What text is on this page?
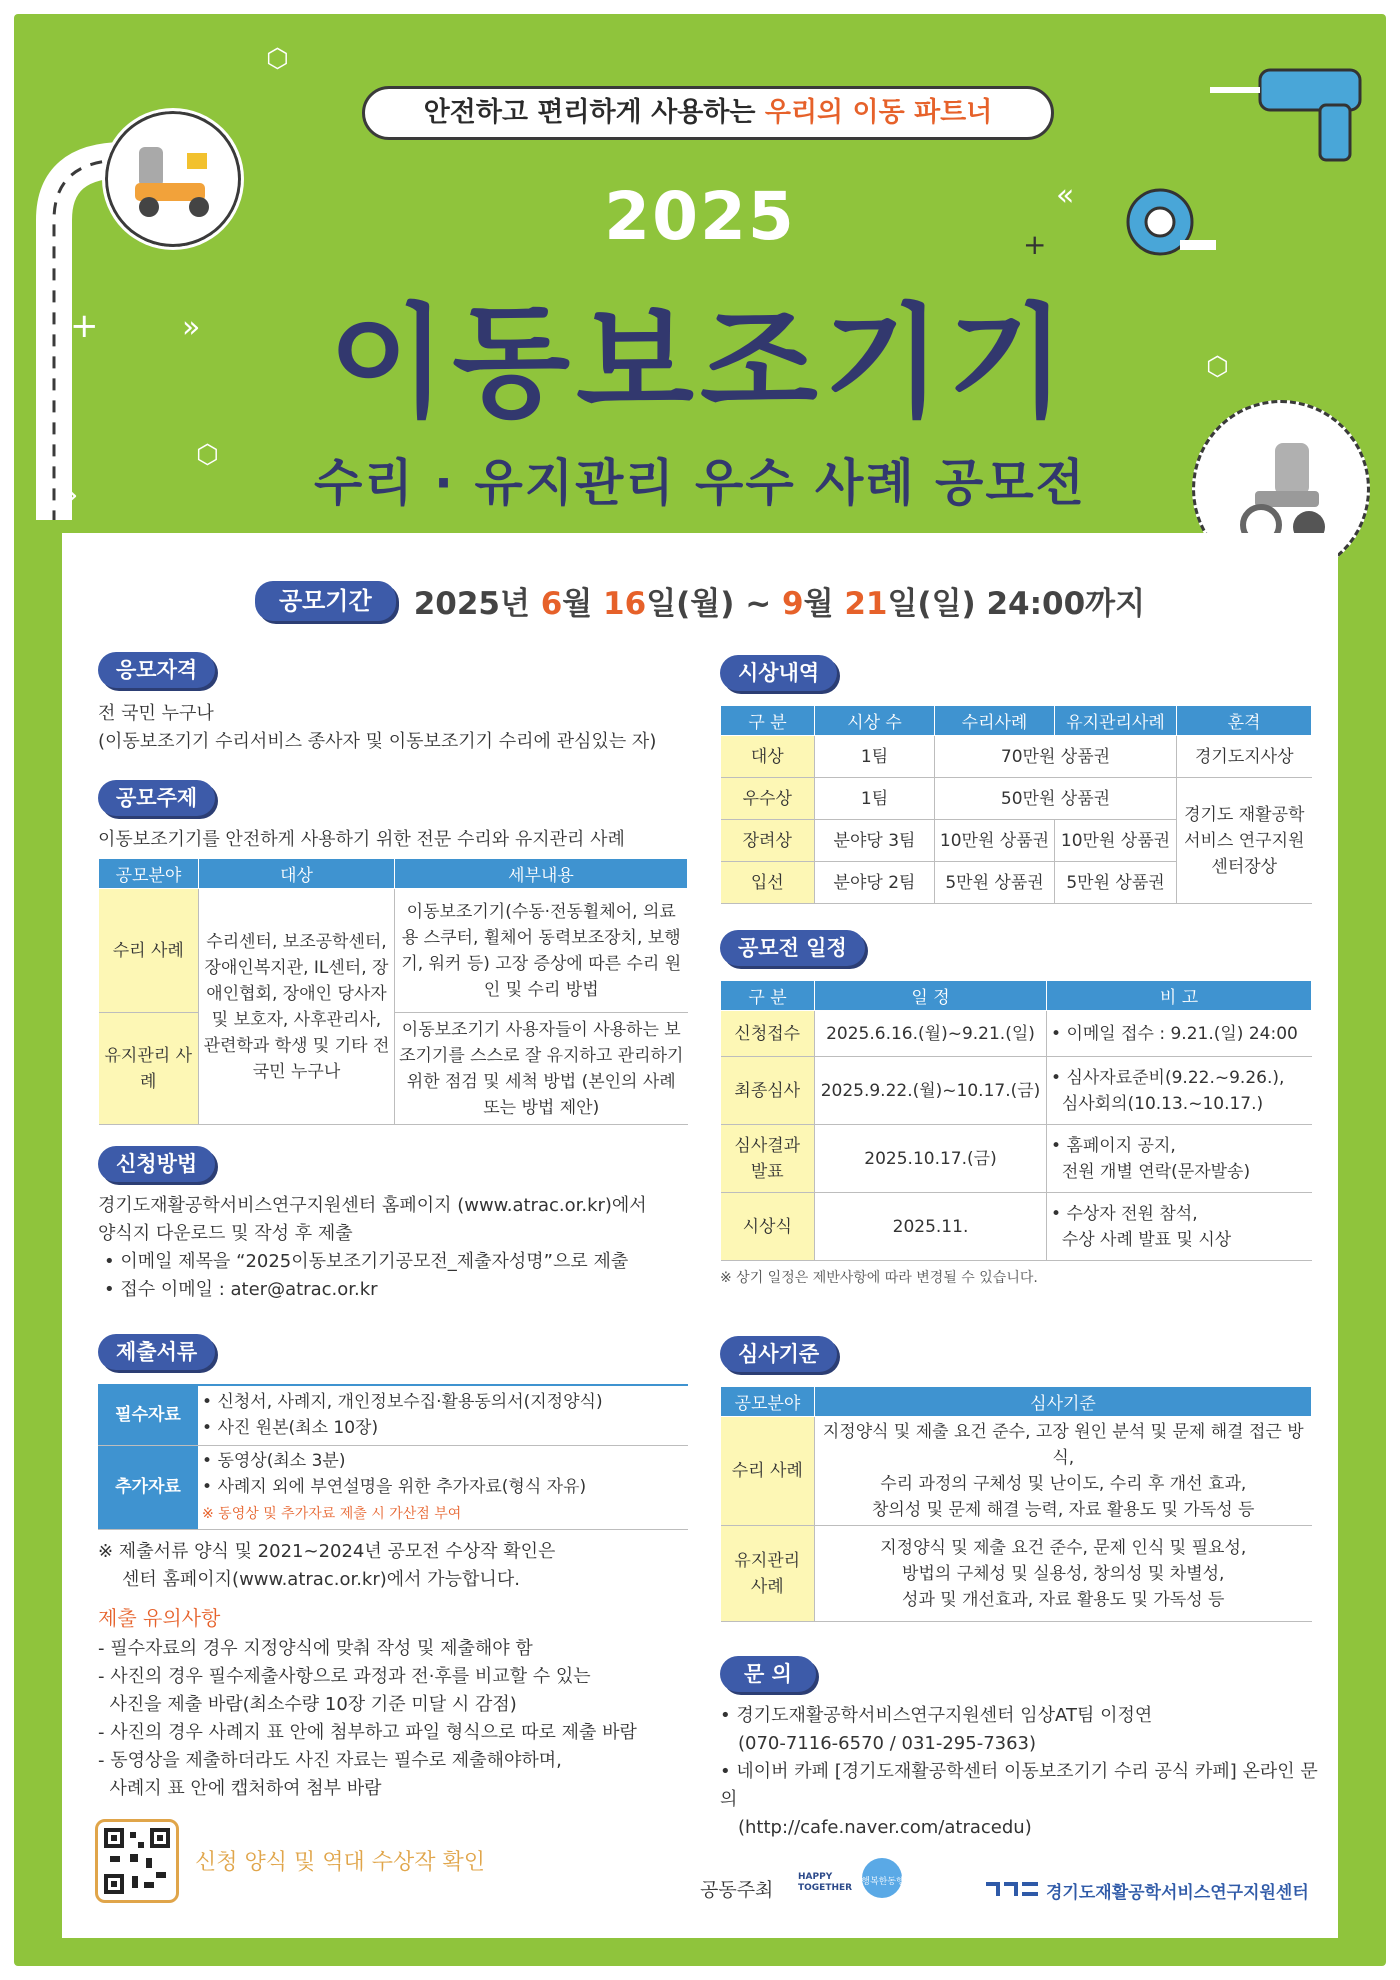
+
+
»
»
«
⬡
⬡
⬡
안전하고 편리하게 사용하는 우리의 이동 파트너
2025
이동보조기기
수리 · 유지관리 우수 사례 공모전
공모기간 2025년 6월 16일(월) ~ 9월 21일(일) 24:00까지
응모자격
전 국민 누구나
(이동보조기기 수리서비스 종사자 및 이동보조기기 수리에 관심있는 자)
공모주제
이동보조기기를 안전하게 사용하기 위한 전문 수리와 유지관리 사례
공모분야	대상	세부내용
수리 사례	수리센터, 보조공학센터, 장애인복지관, IL센터, 장애인협회, 장애인 당사자 및 보호자, 사후관리사, 관련학과 학생 및 기타 전 국민 누구나	이동보조기기(수동·전동휠체어, 의료용 스쿠터, 휠체어 동력보조장치, 보행기, 워커 등) 고장 증상에 따른 수리 원인 및 수리 방법
유지관리 사례		이동보조기기 사용자들이 사용하는 보조기기를 스스로 잘 유지하고 관리하기 위한 점검 및 세척 방법 (본인의 사례 또는 방법 제안)
신청방법
경기도재활공학서비스연구지원센터 홈페이지 (www.atrac.or.kr)에서
양식지 다운로드 및 작성 후 제출
• 이메일 제목을 “2025이동보조기기공모전_제출자성명”으로 제출
• 접수 이메일 : ater@atrac.or.kr
제출서류
필수자료	• 신청서, 사례지, 개인정보수집·활용동의서(지정양식)
• 사진 원본(최소 10장)
추가자료	• 동영상(최소 3분)
• 사례지 외에 부연설명을 위한 추가자료(형식 자유)
※ 동영상 및 추가자료 제출 시 가산점 부여
※ 제출서류 양식 및 2021~2024년 공모전 수상작 확인은
센터 홈페이지(www.atrac.or.kr)에서 가능합니다.
제출 유의사항
- 필수자료의 경우 지정양식에 맞춰 작성 및 제출해야 함
- 사진의 경우 필수제출사항으로 과정과 전·후를 비교할 수 있는
사진을 제출 바람(최소수량 10장 기준 미달 시 감점)
- 사진의 경우 사례지 표 안에 첨부하고 파일 형식으로 따로 제출 바람
- 동영상을 제출하더라도 사진 자료는 필수로 제출해야하며,
사례지 표 안에 캡처하여 첨부 바람
신청 양식 및 역대 수상작 확인
시상내역
구 분	시상 수	수리사례	유지관리사례	훈격
대상	1팀	70만원 상품권		경기도지사상
우수상	1팀	50만원 상품권		경기도 재활공학서비스 연구지원센터장상
장려상	분야당 3팀	10만원 상품권	10만원 상품권	
입선	분야당 2팀	5만원 상품권	5만원 상품권	
공모전 일정
구 분	일 정	비 고
신청접수	2025.6.16.(월)~9.21.(일)	• 이메일 접수 : 9.21.(일) 24:00
최종심사	2025.9.22.(월)~10.17.(금)	• 심사자료준비(9.22.~9.26.),
심사회의(10.13.~10.17.)
심사결과 발표	2025.10.17.(금)	• 홈페이지 공지,
전원 개별 연락(문자발송)
시상식	2025.11.	• 수상자 전원 참석,
수상 사례 발표 및 시상
※ 상기 일정은 제반사항에 따라 변경될 수 있습니다.
심사기준
공모분야	심사기준
수리 사례	지정양식 및 제출 요건 준수, 고장 원인 분석 및 문제 해결 접근 방식,
수리 과정의 구체성 및 난이도, 수리 후 개선 효과,
창의성 및 문제 해결 능력, 자료 활용도 및 가독성 등
유지관리 사례	지정양식 및 제출 요건 준수, 문제 인식 및 필요성,
방법의 구체성 및 실용성, 창의성 및 차별성,
성과 및 개선효과, 자료 활용도 및 가독성 등
문 의
• 경기도재활공학서비스연구지원센터 임상AT팀 이정연
(070-7116-6570 / 031-295-7363)
• 네이버 카페 [경기도재활공학센터 이동보조기기 수리 공식 카페] 온라인 문의
(http://cafe.naver.com/atracedu)
공동주최
HAPPY TOGETHER
행복한동행
경기도재활공학서비스연구지원센터
